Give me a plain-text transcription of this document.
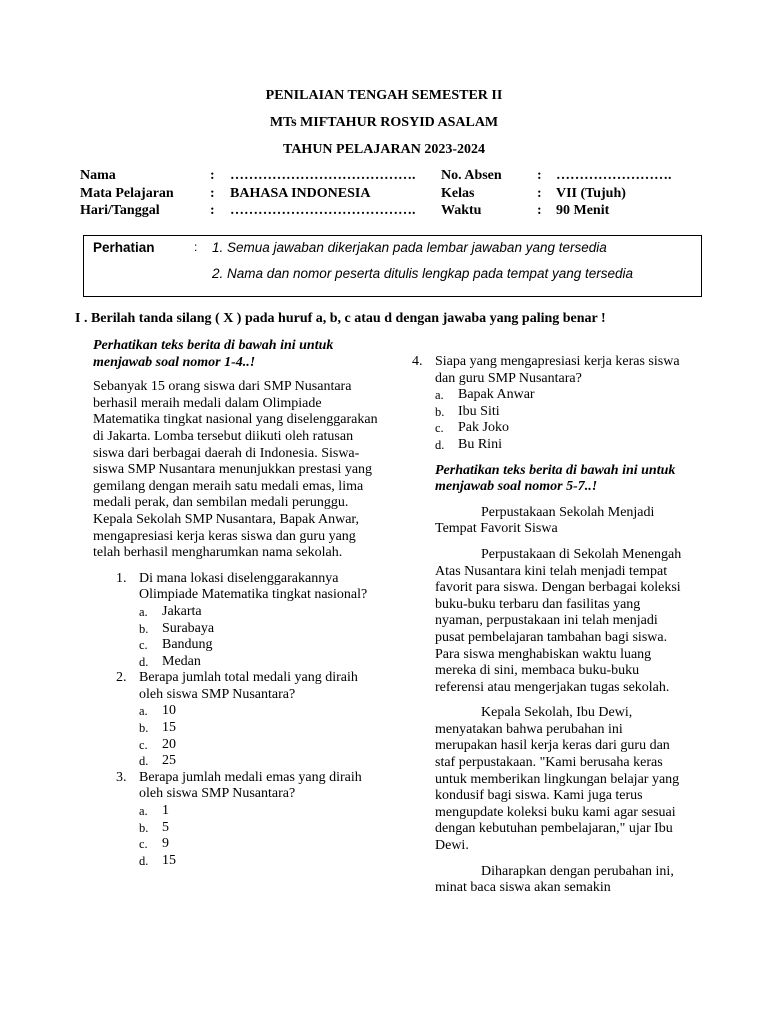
PENILAIAN TENGAH SEMESTER II
MTs MIFTAHUR ROSYID ASALAM
TAHUN PELAJARAN 2023-2024
Nama	: …………………………………. No. Absen	: …………………….
Mata Pelajaran	: BAHASA INDONESIA	Kelas	: VII (Tujuh)
Hari/Tanggal	: …………………………………. Waktu	: 90 Menit
Perhatian	: 1. Semua jawaban dikerjakan pada lembar jawaban yang tersedia
2. Nama dan nomor peserta ditulis lengkap pada tempat yang tersedia
I . Berilah tanda silang ( X ) pada huruf a, b, c atau d dengan jawaba yang paling benar !

Perhatikan teks berita di bawah ini untuk menjawab soal nomor 1-4..!

Sebanyak 15 orang siswa dari SMP Nusantara berhasil meraih medali dalam Olimpiade Matematika tingkat nasional yang diselenggarakan di Jakarta. Lomba tersebut diikuti oleh ratusan siswa dari berbagai daerah di Indonesia. Siswa-siswa SMP Nusantara menunjukkan prestasi yang gemilang dengan meraih satu medali emas, lima medali perak, dan sembilan medali perunggu. Kepala Sekolah SMP Nusantara, Bapak Anwar, mengapresiasi kerja keras siswa dan guru yang telah berhasil mengharumkan nama sekolah.

1. Di mana lokasi diselenggarakannya Olimpiade Matematika tingkat nasional?
a. Jakarta
b. Surabaya
c. Bandung
d. Medan
2. Berapa jumlah total medali yang diraih oleh siswa SMP Nusantara?
a. 10
b. 15
c. 20
d. 25
3. Berapa jumlah medali emas yang diraih oleh siswa SMP Nusantara?
a. 1
b. 5
c. 9
d. 15
4. Siapa yang mengapresiasi kerja keras siswa dan guru SMP Nusantara?
a. Bapak Anwar
b. Ibu Siti
c. Pak Joko
d. Bu Rini

Perhatikan teks berita di bawah ini untuk menjawab soal nomor 5-7..!

Perpustakaan Sekolah Menjadi Tempat Favorit Siswa

Perpustakaan di Sekolah Menengah Atas Nusantara kini telah menjadi tempat favorit para siswa. Dengan berbagai koleksi buku-buku terbaru dan fasilitas yang nyaman, perpustakaan ini telah menjadi pusat pembelajaran tambahan bagi siswa. Para siswa menghabiskan waktu luang mereka di sini, membaca buku-buku referensi atau mengerjakan tugas sekolah.

Kepala Sekolah, Ibu Dewi, menyatakan bahwa perubahan ini merupakan hasil kerja keras dari guru dan staf perpustakaan. "Kami berusaha keras untuk memberikan lingkungan belajar yang kondusif bagi siswa. Kami juga terus mengupdate koleksi buku kami agar sesuai dengan kebutuhan pembelajaran," ujar Ibu Dewi.

Diharapkan dengan perubahan ini, minat baca siswa akan semakin
